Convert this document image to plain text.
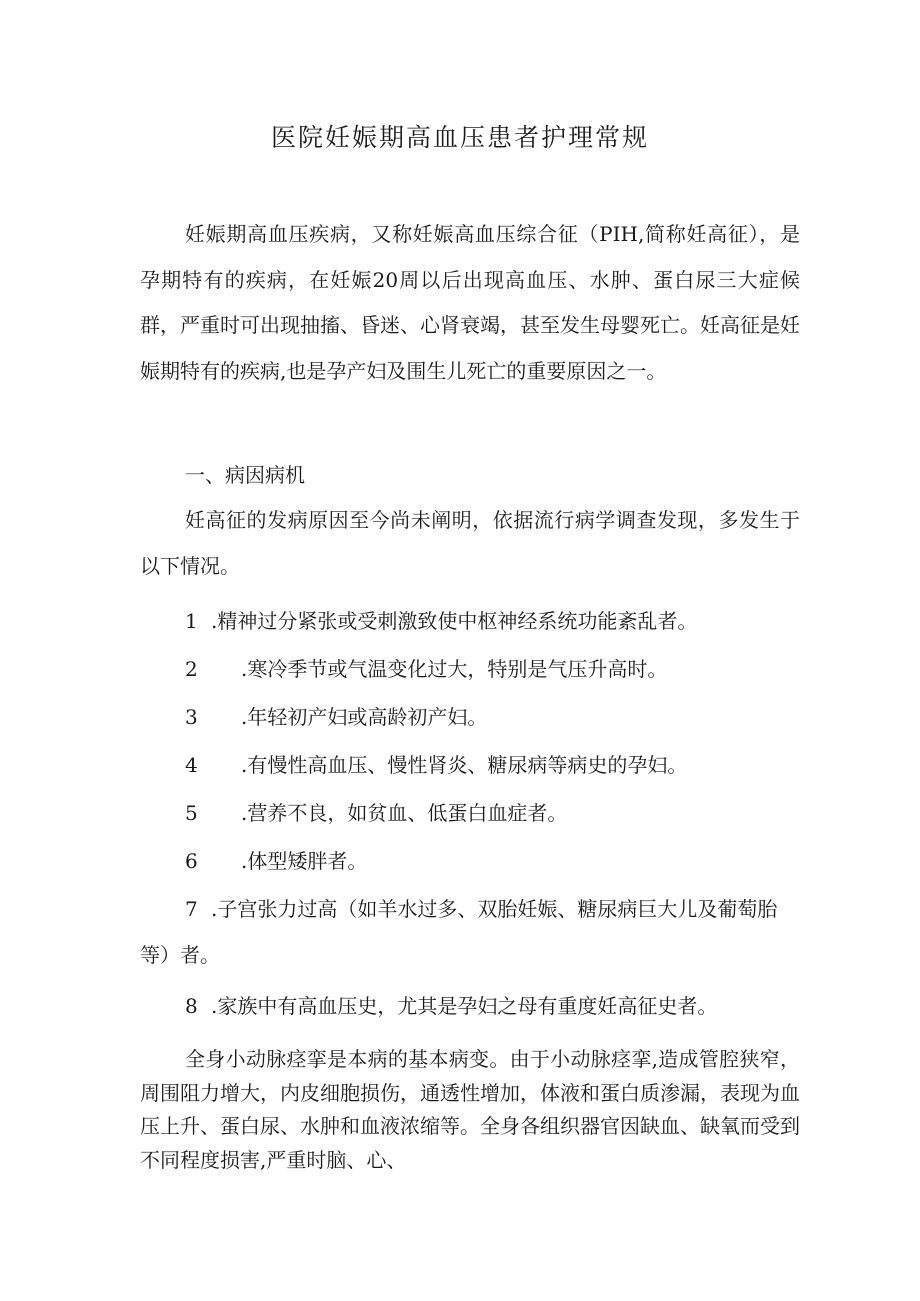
医院妊娠期高血压患者护理常规

妊娠期高血压疾病，又称妊娠高血压综合征（PIH,简称妊高征），是孕期特有的疾病，在妊娠20周以后出现高血压、水肿、蛋白尿三大症候群，严重时可出现抽搐、昏迷、心肾衰竭，甚至发生母婴死亡。妊高征是妊娠期特有的疾病,也是孕产妇及围生儿死亡的重要原因之一。

一、病因病机

妊高征的发病原因至今尚未阐明，依据流行病学调查发现，多发生于以下情况。

1 .精神过分紧张或受刺激致使中枢神经系统功能紊乱者。
2 .寒冷季节或气温变化过大，特别是气压升高时。
3 .年轻初产妇或高龄初产妇。
4 .有慢性高血压、慢性肾炎、糖尿病等病史的孕妇。
5 .营养不良，如贫血、低蛋白血症者。
6 .体型矮胖者。

7 .子宫张力过高（如羊水过多、双胎妊娠、糖尿病巨大儿及葡萄胎等）者。

8 .家族中有高血压史，尤其是孕妇之母有重度妊高征史者。

全身小动脉痉挛是本病的基本病变。由于小动脉痉挛,造成管腔狭窄，周围阻力增大，内皮细胞损伤，通透性增加，体液和蛋白质渗漏，表现为血压上升、蛋白尿、水肿和血液浓缩等。全身各组织器官因缺血、缺氧而受到不同程度损害,严重时脑、心、
